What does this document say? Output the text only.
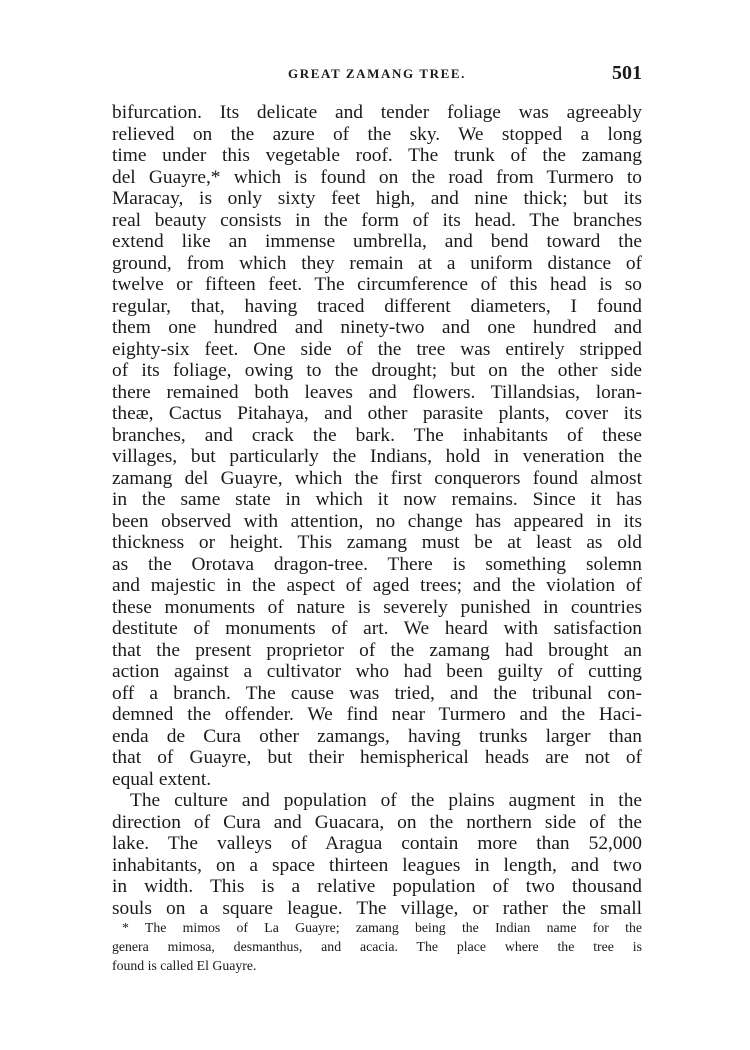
GREAT ZAMANG TREE.	501
bifurcation. Its delicate and tender foliage was agreeably
relieved on the azure of the sky. We stopped a long
time under this vegetable roof. The trunk of the zamang
del Guayre,* which is found on the road from Turmero to
Maracay, is only sixty feet high, and nine thick; but its
real beauty consists in the form of its head. The branches
extend like an immense umbrella, and bend toward the
ground, from which they remain at a uniform distance of
twelve or fifteen feet. The circumference of this head is so
regular, that, having traced different diameters, I found
them one hundred and ninety-two and one hundred and
eighty-six feet. One side of the tree was entirely stripped
of its foliage, owing to the drought; but on the other side
there remained both leaves and flowers. Tillandsias, loran-
theæ, Cactus Pitahaya, and other parasite plants, cover its
branches, and crack the bark. The inhabitants of these
villages, but particularly the Indians, hold in veneration the
zamang del Guayre, which the first conquerors found almost
in the same state in which it now remains. Since it has
been observed with attention, no change has appeared in its
thickness or height. This zamang must be at least as old
as the Orotava dragon-tree. There is something solemn
and majestic in the aspect of aged trees; and the violation of
these monuments of nature is severely punished in countries
destitute of monuments of art. We heard with satisfaction
that the present proprietor of the zamang had brought an
action against a cultivator who had been guilty of cutting
off a branch. The cause was tried, and the tribunal con-
demned the offender. We find near Turmero and the Haci-
enda de Cura other zamangs, having trunks larger than
that of Guayre, but their hemispherical heads are not of
equal extent.
The culture and population of the plains augment in the
direction of Cura and Guacara, on the northern side of the
lake. The valleys of Aragua contain more than 52,000
inhabitants, on a space thirteen leagues in length, and two
in width. This is a relative population of two thousand
souls on a square league. The village, or rather the small
* The mimos of La Guayre; zamang being the Indian name for the
genera mimosa, desmanthus, and acacia. The place where the tree is
found is called El Guayre.
